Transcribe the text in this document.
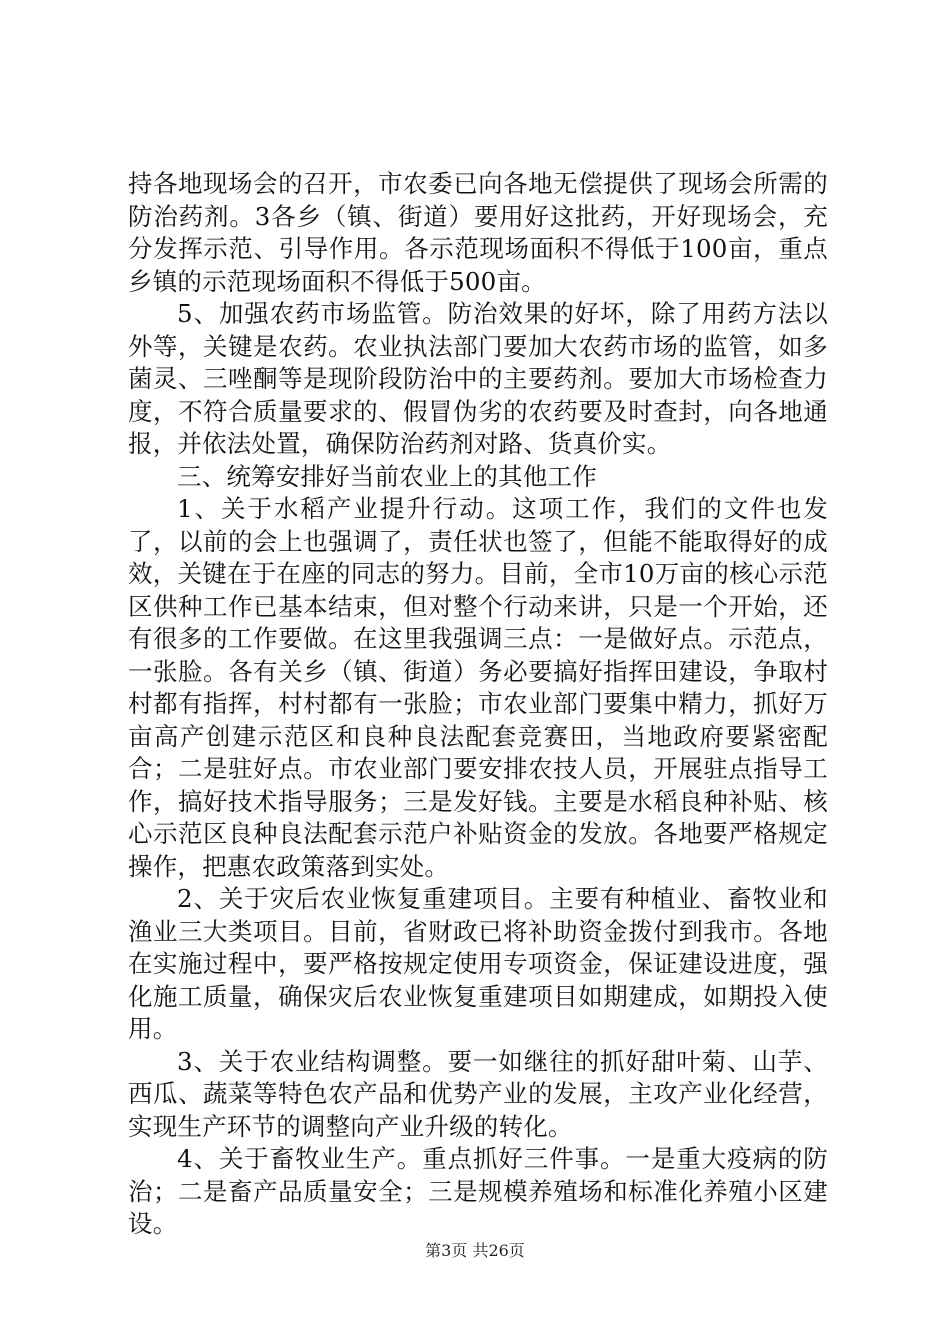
持各地现场会的召开，市农委已向各地无偿提供了现场会所需的防治药剂。3各乡（镇、街道）要用好这批药，开好现场会，充分发挥示范、引导作用。各示范现场面积不得低于100亩，重点乡镇的示范现场面积不得低于500亩。

5、加强农药市场监管。防治效果的好坏，除了用药方法以外等，关键是农药。农业执法部门要加大农药市场的监管，如多菌灵、三唑酮等是现阶段防治中的主要药剂。要加大市场检查力度，不符合质量要求的、假冒伪劣的农药要及时查封，向各地通报，并依法处置，确保防治药剂对路、货真价实。

三、统筹安排好当前农业上的其他工作

1、关于水稻产业提升行动。这项工作，我们的文件也发了，以前的会上也强调了，责任状也签了，但能不能取得好的成效，关键在于在座的同志的努力。目前，全市10万亩的核心示范区供种工作已基本结束，但对整个行动来讲，只是一个开始，还有很多的工作要做。在这里我强调三点：一是做好点。示范点，一张脸。各有关乡（镇、街道）务必要搞好指挥田建设，争取村村都有指挥，村村都有一张脸；市农业部门要集中精力，抓好万亩高产创建示范区和良种良法配套竞赛田，当地政府要紧密配合；二是驻好点。市农业部门要安排农技人员，开展驻点指导工作，搞好技术指导服务；三是发好钱。主要是水稻良种补贴、核心示范区良种良法配套示范户补贴资金的发放。各地要严格规定操作，把惠农政策落到实处。

2、关于灾后农业恢复重建项目。主要有种植业、畜牧业和渔业三大类项目。目前，省财政已将补助资金拨付到我市。各地在实施过程中，要严格按规定使用专项资金，保证建设进度，强化施工质量，确保灾后农业恢复重建项目如期建成，如期投入使用。

3、关于农业结构调整。要一如继往的抓好甜叶菊、山芋、西瓜、蔬菜等特色农产品和优势产业的发展，主攻产业化经营，实现生产环节的调整向产业升级的转化。

4、关于畜牧业生产。重点抓好三件事。一是重大疫病的防治；二是畜产品质量安全；三是规模养殖场和标准化养殖小区建设。

第3页 共26页
